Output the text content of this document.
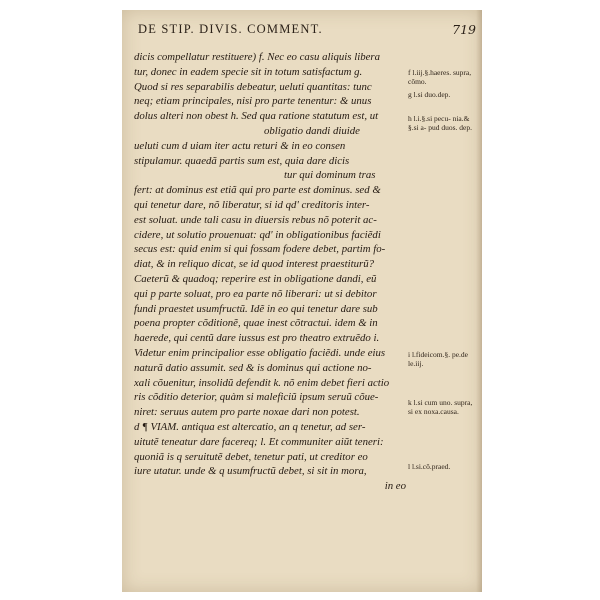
DE STIP. DIVIS. COMMENT.	719
dicis compellatur restituere) f. Nec eo casu aliquis libera
tur, donec in eadem specie sit in totum satisfactum g.
Quod si res separabilis debeatur, ueluti quantitas: tunc
neq; etiam principales, nisi pro parte tenentur: & unus
dolus alteri non obest h. Sed qua ratione statutum est, ut
obligatio dandi diuide
ueluti cum d uiam iter actu returi & in eo consen
stipulamur. quaedã partis sum est, quia dare dicis
tur qui dominum tras
fert: at dominus est etiã qui pro parte est dominus. sed &
qui tenetur dare, nõ liberatur, si id qd' creditoris inter-
est soluat. unde tali casu in diuersis rebus nõ poterit ac-
cidere, ut solutio prouenuat: qd' in obligationibus faciẽdi
secus est: quid enim si qui fossam fodere debet, partim fo-
diat, & in reliquo dicat, se id quod interest praestiturũ?
Caeterũ & quadoq; reperire est in obligatione dandi, eũ
qui p parte soluat, pro ea parte nõ liberari: ut si debitor
fundi praestet usumfructũ. Idẽ in eo qui tenetur dare sub
poena propter cõditionẽ, quae inest cõtractui. idem & in
haerede, qui centũ dare iussus est pro theatro extruẽdo i.
Videtur enim principalior esse obligatio faciẽdi. unde eius
naturã datio assumit. sed & is dominus qui actione no-
xali cõuenitur, insolidũ defendit k. nõ enim debet fieri actio
ris cõditio deterior, quàm si maleficiũ ipsum seruũ cõue-
niret: seruus autem pro parte noxae dari non potest.
d ¶ VIAM. antiqua est altercatio, an q tenetur, ad ser-
uitutẽ teneatur dare facereq; l. Et communiter aiũt teneri:
quoniã is q seruitutẽ debet, tenetur pati, ut creditor eo
iure utatur. unde & q usumfructũ debet, si sit in mora,
in eo
f l.iij.§.haeres. supra, cõmo.
g l.si duo.dep.
h l.i.§.si pecu- nia.& §.si a- pud duos. dep.
i l.fideicom.§. pe.de le.iij.
k l.si cum uno. supra, si ex noxa.causa.
l l.si.cõ.praed.
